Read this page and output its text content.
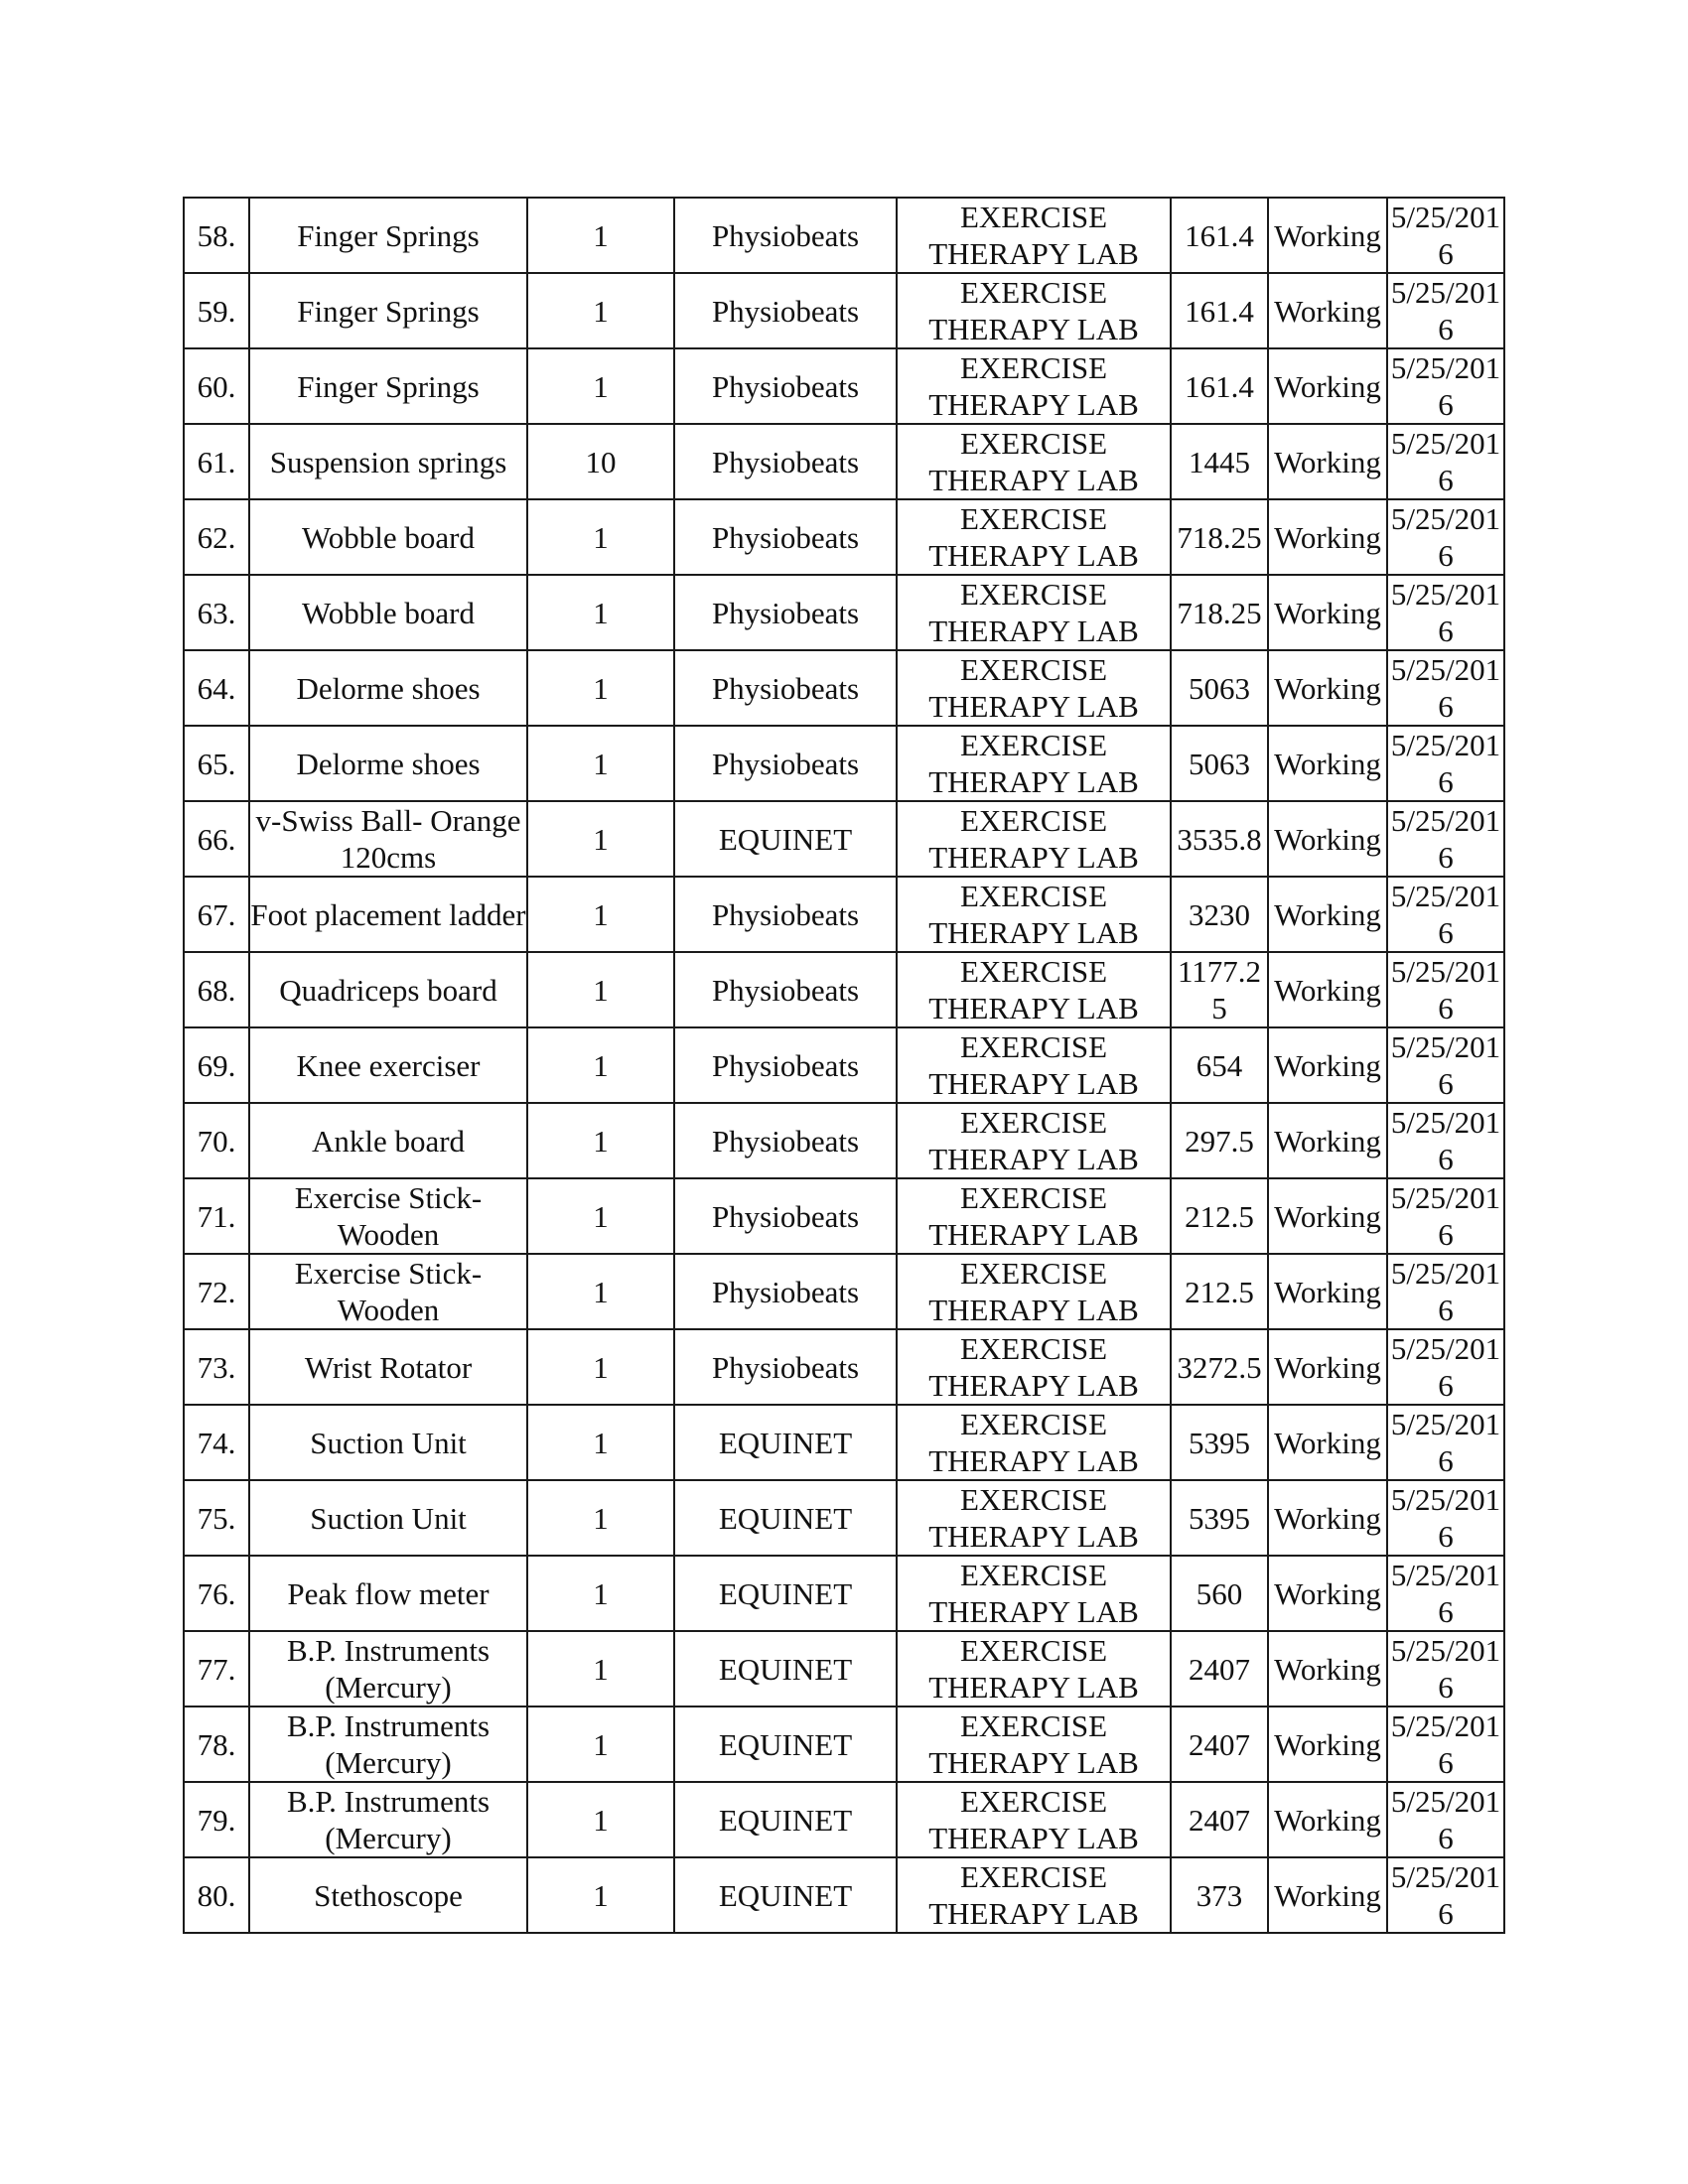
58.	Finger Springs	1	Physiobeats	EXERCISE THERAPY LAB	161.4	Working	5/25/2016
59.	Finger Springs	1	Physiobeats	EXERCISE THERAPY LAB	161.4	Working	5/25/2016
60.	Finger Springs	1	Physiobeats	EXERCISE THERAPY LAB	161.4	Working	5/25/2016
61.	Suspension springs	10	Physiobeats	EXERCISE THERAPY LAB	1445	Working	5/25/2016
62.	Wobble board	1	Physiobeats	EXERCISE THERAPY LAB	718.25	Working	5/25/2016
63.	Wobble board	1	Physiobeats	EXERCISE THERAPY LAB	718.25	Working	5/25/2016
64.	Delorme shoes	1	Physiobeats	EXERCISE THERAPY LAB	5063	Working	5/25/2016
65.	Delorme shoes	1	Physiobeats	EXERCISE THERAPY LAB	5063	Working	5/25/2016
66.	v-Swiss Ball- Orange 120cms	1	EQUINET	EXERCISE THERAPY LAB	3535.8	Working	5/25/2016
67.	Foot placement ladder	1	Physiobeats	EXERCISE THERAPY LAB	3230	Working	5/25/2016
68.	Quadriceps board	1	Physiobeats	EXERCISE THERAPY LAB	1177.25	Working	5/25/2016
69.	Knee exerciser	1	Physiobeats	EXERCISE THERAPY LAB	654	Working	5/25/2016
70.	Ankle board	1	Physiobeats	EXERCISE THERAPY LAB	297.5	Working	5/25/2016
71.	Exercise Stick- Wooden	1	Physiobeats	EXERCISE THERAPY LAB	212.5	Working	5/25/2016
72.	Exercise Stick- Wooden	1	Physiobeats	EXERCISE THERAPY LAB	212.5	Working	5/25/2016
73.	Wrist Rotator	1	Physiobeats	EXERCISE THERAPY LAB	3272.5	Working	5/25/2016
74.	Suction Unit	1	EQUINET	EXERCISE THERAPY LAB	5395	Working	5/25/2016
75.	Suction Unit	1	EQUINET	EXERCISE THERAPY LAB	5395	Working	5/25/2016
76.	Peak flow meter	1	EQUINET	EXERCISE THERAPY LAB	560	Working	5/25/2016
77.	B.P. Instruments (Mercury)	1	EQUINET	EXERCISE THERAPY LAB	2407	Working	5/25/2016
78.	B.P. Instruments (Mercury)	1	EQUINET	EXERCISE THERAPY LAB	2407	Working	5/25/2016
79.	B.P. Instruments (Mercury)	1	EQUINET	EXERCISE THERAPY LAB	2407	Working	5/25/2016
80.	Stethoscope	1	EQUINET	EXERCISE THERAPY LAB	373	Working	5/25/2016
